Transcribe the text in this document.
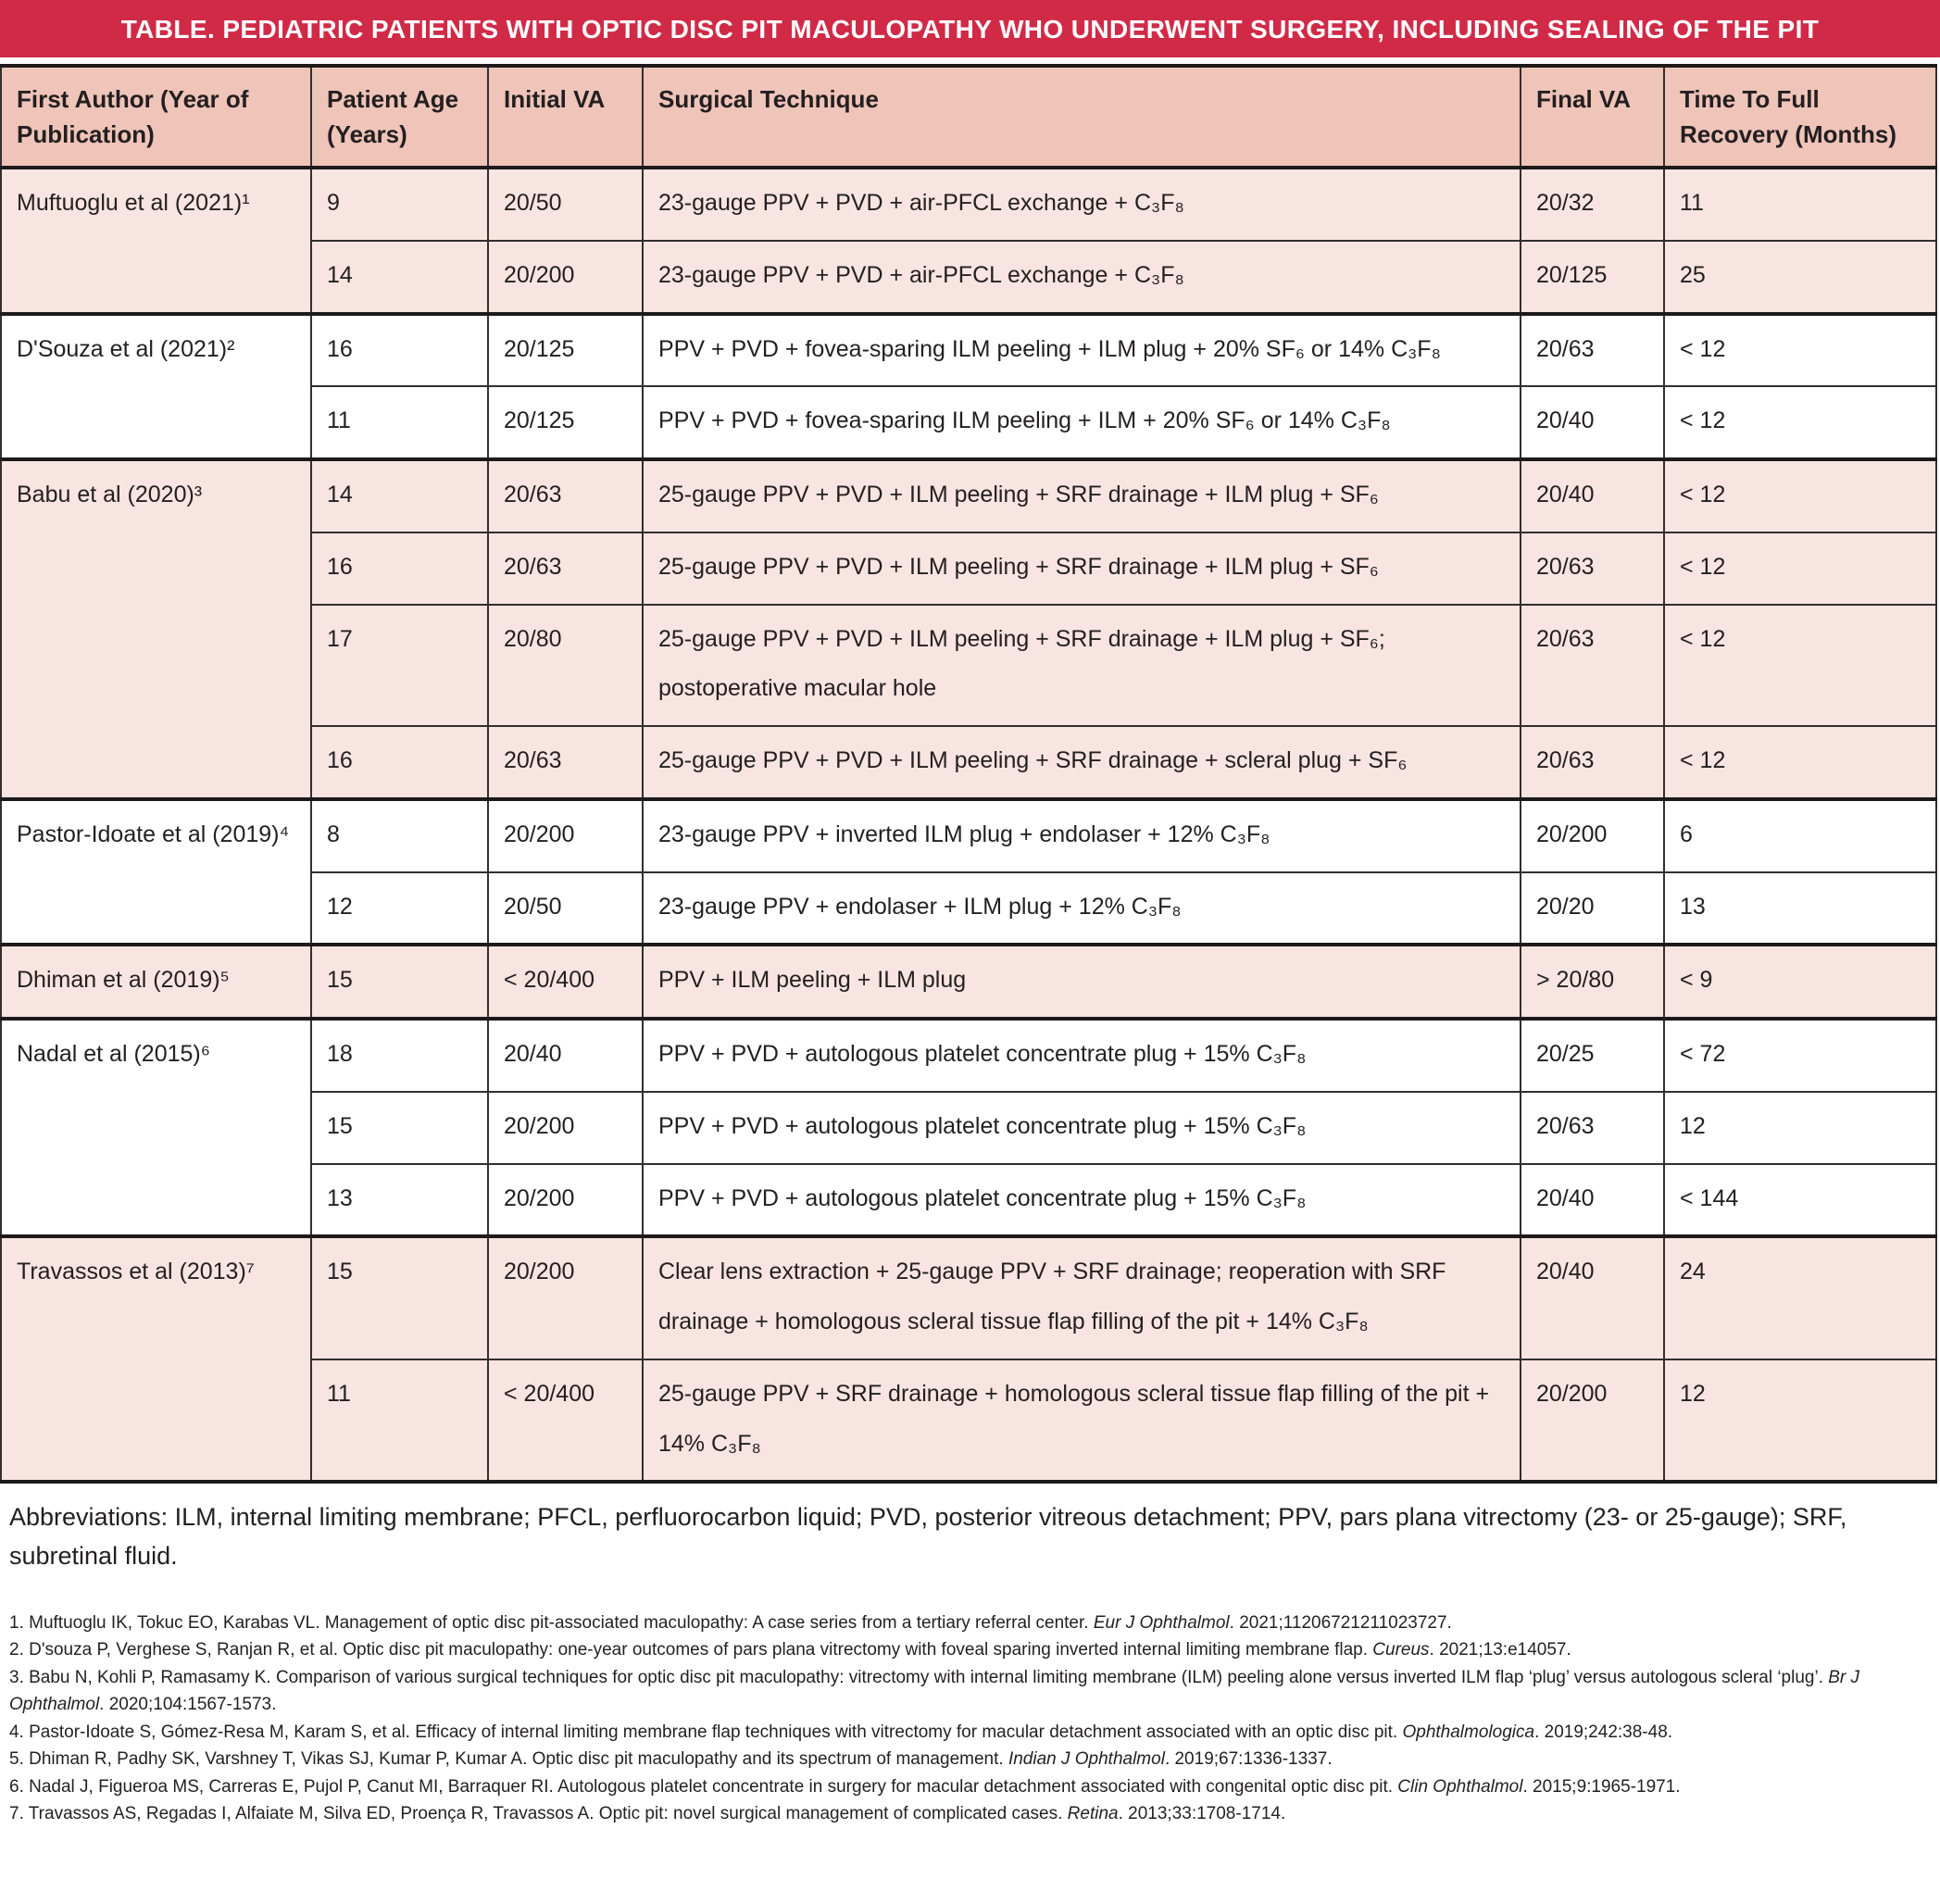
TABLE. PEDIATRIC PATIENTS WITH OPTIC DISC PIT MACULOPATHY WHO UNDERWENT SURGERY, INCLUDING SEALING OF THE PIT
First Author (Year of Publication)	Patient Age (Years)	Initial VA	Surgical Technique	Final VA	Time To Full Recovery (Months)
Muftuoglu et al (2021)¹	9	20/50	23-gauge PPV + PVD + air-PFCL exchange + C₃F₈	20/32	11
	14	20/200	23-gauge PPV + PVD + air-PFCL exchange + C₃F₈	20/125	25
D'Souza et al (2021)²	16	20/125	PPV + PVD + fovea-sparing ILM peeling + ILM plug + 20% SF₆ or 14% C₃F₈	20/63	< 12
	11	20/125	PPV + PVD + fovea-sparing ILM peeling + ILM + 20% SF₆ or 14% C₃F₈	20/40	< 12
Babu et al (2020)³	14	20/63	25-gauge PPV + PVD + ILM peeling + SRF drainage + ILM plug + SF₆	20/40	< 12
	16	20/63	25-gauge PPV + PVD + ILM peeling + SRF drainage + ILM plug + SF₆	20/63	< 12
	17	20/80	25-gauge PPV + PVD + ILM peeling + SRF drainage + ILM plug + SF₆; postoperative macular hole	20/63	< 12
	16	20/63	25-gauge PPV + PVD + ILM peeling + SRF drainage + scleral plug + SF₆	20/63	< 12
Pastor-Idoate et al (2019)⁴	8	20/200	23-gauge PPV + inverted ILM plug + endolaser + 12% C₃F₈	20/200	6
	12	20/50	23-gauge PPV + endolaser + ILM plug + 12% C₃F₈	20/20	13
Dhiman et al (2019)⁵	15	< 20/400	PPV + ILM peeling + ILM plug	> 20/80	< 9
Nadal et al (2015)⁶	18	20/40	PPV + PVD + autologous platelet concentrate plug + 15% C₃F₈	20/25	< 72
	15	20/200	PPV + PVD + autologous platelet concentrate plug + 15% C₃F₈	20/63	12
	13	20/200	PPV + PVD + autologous platelet concentrate plug + 15% C₃F₈	20/40	< 144
Travassos et al (2013)⁷	15	20/200	Clear lens extraction + 25-gauge PPV + SRF drainage; reoperation with SRF drainage + homologous scleral tissue flap filling of the pit + 14% C₃F₈	20/40	24
	11	< 20/400	25-gauge PPV + SRF drainage + homologous scleral tissue flap filling of the pit + 14% C₃F₈	20/200	12

Abbreviations: ILM, internal limiting membrane; PFCL, perfluorocarbon liquid; PVD, posterior vitreous detachment; PPV, pars plana vitrectomy (23- or 25-gauge); SRF, subretinal fluid.

1. Muftuoglu IK, Tokuc EO, Karabas VL. Management of optic disc pit-associated maculopathy: A case series from a tertiary referral center. Eur J Ophthalmol. 2021;11206721211023727.
2. D'souza P, Verghese S, Ranjan R, et al. Optic disc pit maculopathy: one-year outcomes of pars plana vitrectomy with foveal sparing inverted internal limiting membrane flap. Cureus. 2021;13:e14057.
3. Babu N, Kohli P, Ramasamy K. Comparison of various surgical techniques for optic disc pit maculopathy: vitrectomy with internal limiting membrane (ILM) peeling alone versus inverted ILM flap ‘plug’ versus autologous scleral ‘plug’. Br J Ophthalmol. 2020;104:1567-1573.
4. Pastor-Idoate S, Gómez-Resa M, Karam S, et al. Efficacy of internal limiting membrane flap techniques with vitrectomy for macular detachment associated with an optic disc pit. Ophthalmologica. 2019;242:38-48.
5. Dhiman R, Padhy SK, Varshney T, Vikas SJ, Kumar P, Kumar A. Optic disc pit maculopathy and its spectrum of management. Indian J Ophthalmol. 2019;67:1336-1337.
6. Nadal J, Figueroa MS, Carreras E, Pujol P, Canut MI, Barraquer RI. Autologous platelet concentrate in surgery for macular detachment associated with congenital optic disc pit. Clin Ophthalmol. 2015;9:1965-1971.
7. Travassos AS, Regadas I, Alfaiate M, Silva ED, Proença R, Travassos A. Optic pit: novel surgical management of complicated cases. Retina. 2013;33:1708-1714.
